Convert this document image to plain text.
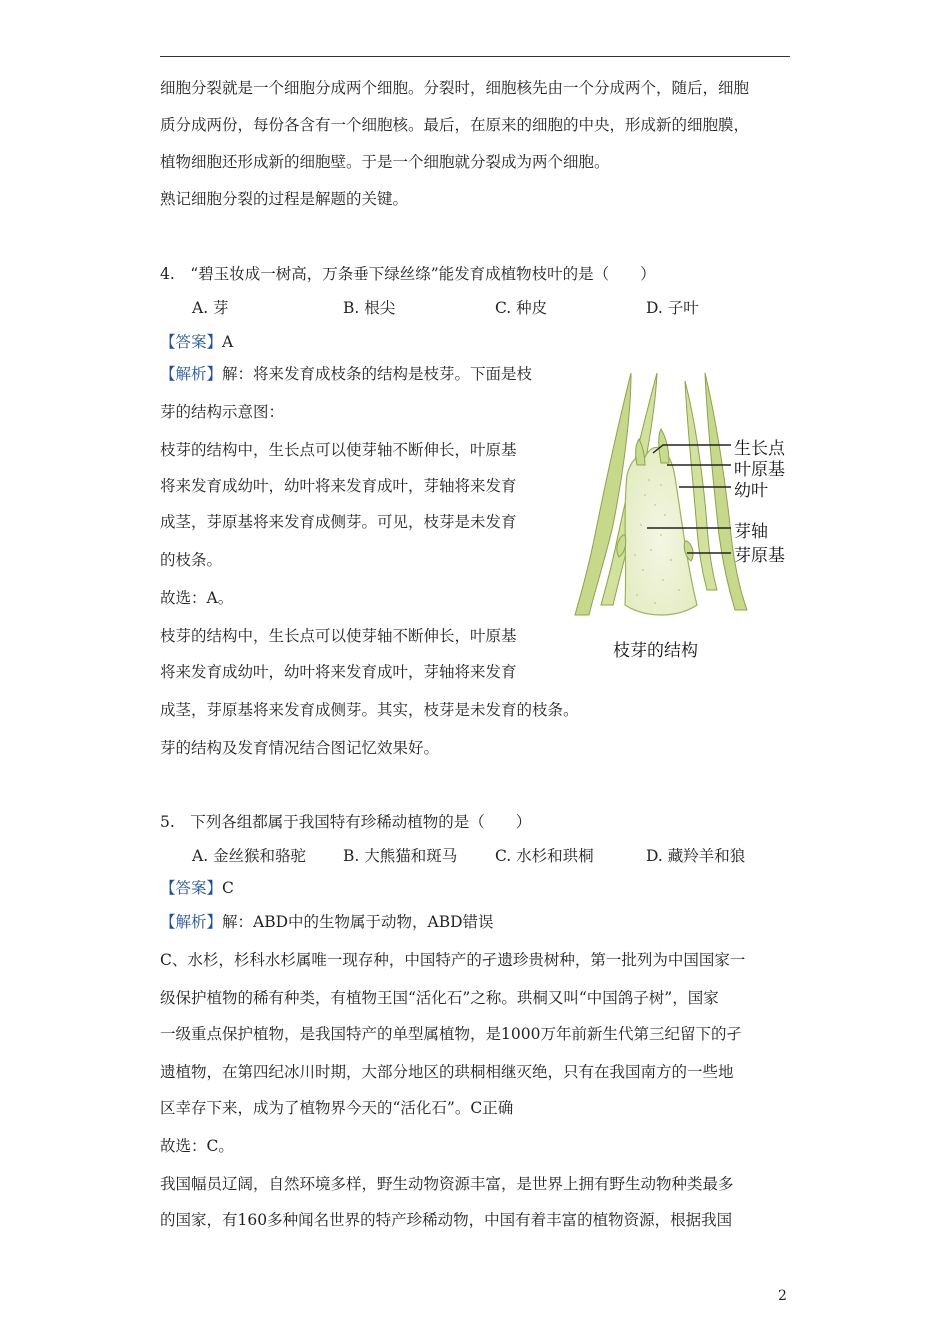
细胞分裂就是一个细胞分成两个细胞。分裂时，细胞核先由一个分成两个，随后，细胞
质分成两份，每份各含有一个细胞核。最后，在原来的细胞的中央，形成新的细胞膜，
植物细胞还形成新的细胞壁。于是一个细胞就分裂成为两个细胞。
熟记细胞分裂的过程是解题的关键。
4.　“碧玉妆成一树高，万条垂下绿丝绦”能发育成植物枝叶的是（　　）
A. 芽	B. 根尖	C. 种皮	D. 子叶
【答案】A
【解析】解：将来发育成枝条的结构是枝芽。下面是枝
芽的结构示意图：
枝芽的结构中，生长点可以使芽轴不断伸长，叶原基
将来发育成幼叶，幼叶将来发育成叶，芽轴将来发育
成茎，芽原基将来发育成侧芽。可见，枝芽是未发育
的枝条。
故选：A。
枝芽的结构中，生长点可以使芽轴不断伸长，叶原基
将来发育成幼叶，幼叶将来发育成叶，芽轴将来发育
成茎，芽原基将来发育成侧芽。其实，枝芽是未发育的枝条。
芽的结构及发育情况结合图记忆效果好。
生长点
叶原基
幼叶
芽轴
芽原基
枝芽的结构
5.　下列各组都属于我国特有珍稀动植物的是（　　）
A. 金丝猴和骆驼 B. 大熊猫和斑马 C. 水杉和珙桐	D. 藏羚羊和狼
【答案】C
【解析】解：ABD中的生物属于动物，ABD错误
C、水杉，杉科水杉属唯一现存种，中国特产的孑遗珍贵树种，第一批列为中国国家一
级保护植物的稀有种类，有植物王国“活化石”之称。珙桐又叫“中国鸽子树”，国家
一级重点保护植物，是我国特产的单型属植物，是1000万年前新生代第三纪留下的孑
遗植物，在第四纪冰川时期，大部分地区的珙桐相继灭绝，只有在我国南方的一些地
区幸存下来，成为了植物界今天的“活化石”。C正确
故选：C。
我国幅员辽阔，自然环境多样，野生动物资源丰富，是世界上拥有野生动物种类最多
的国家，有160多种闻名世界的特产珍稀动物，中国有着丰富的植物资源，根据我国
2
